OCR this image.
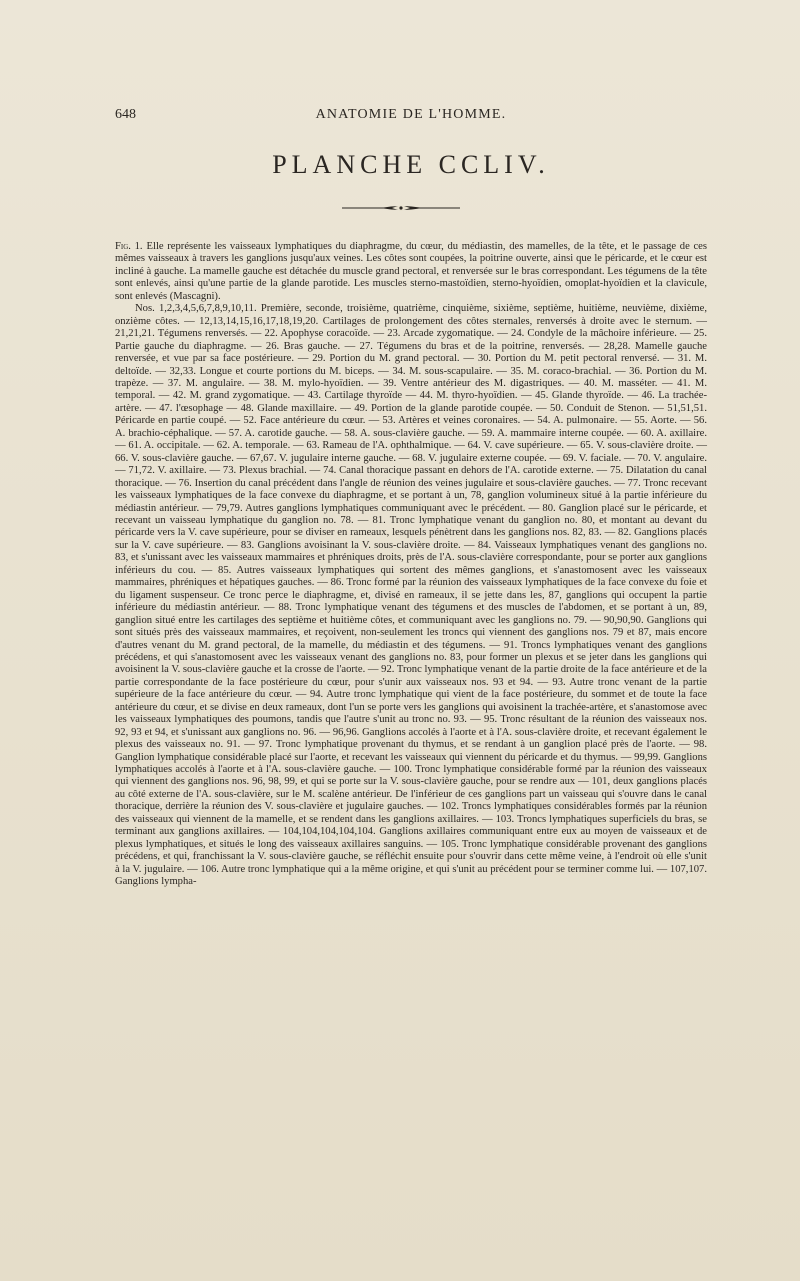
648	ANATOMIE DE L'HOMME.
PLANCHE CCLIV.

Fig. 1. Elle représente les vaisseaux lymphatiques du diaphragme, du cœur, du médiastin, des mamelles, de la tête, et le passage de ces mêmes vaisseaux à travers les ganglions jusqu'aux veines. Les côtes sont coupées, la poitrine ouverte, ainsi que le péricarde, et le cœur est incliné à gauche. La mamelle gauche est détachée du muscle grand pectoral, et renversée sur le bras correspondant. Les tégumens de la tête sont enlevés, ainsi qu'une partie de la glande parotide. Les muscles sterno-mastoïdien, sterno-hyoïdien, omoplat-hyoïdien et la clavicule, sont enlevés (Mascagni).

Nos. 1,2,3,4,5,6,7,8,9,10,11. Première, seconde, troisième, quatrième, cinquième, sixième, septième, huitième, neuvième, dixième, onzième côtes. — 12,13,14,15,16,17,18,19,20. Cartilages de prolongement des côtes sternales, renversés à droite avec le sternum. — 21,21,21. Tégumens renversés. — 22. Apophyse coracoïde. — 23. Arcade zygomatique. — 24. Condyle de la mâchoire inférieure. — 25. Partie gauche du diaphragme. — 26. Bras gauche. — 27. Tégumens du bras et de la poitrine, renversés. — 28,28. Mamelle gauche renversée, et vue par sa face postérieure. — 29. Portion du M. grand pectoral. — 30. Portion du M. petit pectoral renversé. — 31. M. deltoïde. — 32,33. Longue et courte portions du M. biceps. — 34. M. sous-scapulaire. — 35. M. coraco-brachial. — 36. Portion du M. trapèze. — 37. M. angulaire. — 38. M. mylo-hyoïdien. — 39. Ventre antérieur des M. digastriques. — 40. M. masséter. — 41. M. temporal. — 42. M. grand zygomatique. — 43. Cartilage thyroïde — 44. M. thyro-hyoïdien. — 45. Glande thyroïde. — 46. La trachée-artère. — 47. l'œsophage — 48. Glande maxillaire. — 49. Portion de la glande parotide coupée. — 50. Conduit de Stenon. — 51,51,51. Péricarde en partie coupé. — 52. Face antérieure du cœur. — 53. Artères et veines coronaires. — 54. A. pulmonaire. — 55. Aorte. — 56. A. brachio-céphalique. — 57. A. carotide gauche. — 58. A. sous-clavière gauche. — 59. A. mammaire interne coupée. — 60. A. axillaire. — 61. A. occipitale. — 62. A. temporale. — 63. Rameau de l'A. ophthalmique. — 64. V. cave supérieure. — 65. V. sous-clavière droite. — 66. V. sous-clavière gauche. — 67,67. V. jugulaire interne gauche. — 68. V. jugulaire externe coupée. — 69. V. faciale. — 70. V. angulaire. — 71,72. V. axillaire. — 73. Plexus brachial. — 74. Canal thoracique passant en dehors de l'A. carotide externe. — 75. Dilatation du canal thoracique. — 76. Insertion du canal précédent dans l'angle de réunion des veines jugulaire et sous-clavière gauches. — 77. Tronc recevant les vaisseaux lymphatiques de la face convexe du diaphragme, et se portant à un, 78, ganglion volumineux situé à la partie inférieure du médiastin antérieur. — 79,79. Autres ganglions lymphatiques communiquant avec le précédent. — 80. Ganglion placé sur le péricarde, et recevant un vaisseau lymphatique du ganglion no. 78. — 81. Tronc lymphatique venant du ganglion no. 80, et montant au devant du péricarde vers la V. cave supérieure, pour se diviser en rameaux, lesquels pénètrent dans les ganglions nos. 82, 83. — 82. Ganglions placés sur la V. cave supérieure. — 83. Ganglions avoisinant la V. sous-clavière droite. — 84. Vaisseaux lymphatiques venant des ganglions no. 83, et s'unissant avec les vaisseaux mammaires et phréniques droits, près de l'A. sous-clavière correspondante, pour se porter aux ganglions inférieurs du cou. — 85. Autres vaisseaux lymphatiques qui sortent des mêmes ganglions, et s'anastomosent avec les vaisseaux mammaires, phréniques et hépatiques gauches. — 86. Tronc formé par la réunion des vaisseaux lymphatiques de la face convexe du foie et du ligament suspenseur. Ce tronc perce le diaphragme, et, divisé en rameaux, il se jette dans les, 87, ganglions qui occupent la partie inférieure du médiastin antérieur. — 88. Tronc lymphatique venant des tégumens et des muscles de l'abdomen, et se portant à un, 89, ganglion situé entre les cartilages des septième et huitième côtes, et communiquant avec les ganglions no. 79. — 90,90,90. Ganglions qui sont situés près des vaisseaux mammaires, et reçoivent, non-seulement les troncs qui viennent des ganglions nos. 79 et 87, mais encore d'autres venant du M. grand pectoral, de la mamelle, du médiastin et des tégumens. — 91. Troncs lymphatiques venant des ganglions précédens, et qui s'anastomosent avec les vaisseaux venant des ganglions no. 83, pour former un plexus et se jeter dans les ganglions qui avoisinent la V. sous-clavière gauche et la crosse de l'aorte. — 92. Tronc lymphatique venant de la partie droite de la face antérieure et de la partie correspondante de la face postérieure du cœur, pour s'unir aux vaisseaux nos. 93 et 94. — 93. Autre tronc venant de la partie supérieure de la face antérieure du cœur. — 94. Autre tronc lymphatique qui vient de la face postérieure, du sommet et de toute la face antérieure du cœur, et se divise en deux rameaux, dont l'un se porte vers les ganglions qui avoisinent la trachée-artère, et s'anastomose avec les vaisseaux lymphatiques des poumons, tandis que l'autre s'unit au tronc no. 93. — 95. Tronc résultant de la réunion des vaisseaux nos. 92, 93 et 94, et s'unissant aux ganglions no. 96. — 96,96. Ganglions accolés à l'aorte et à l'A. sous-clavière droite, et recevant également le plexus des vaisseaux no. 91. — 97. Tronc lymphatique provenant du thymus, et se rendant à un ganglion placé près de l'aorte. — 98. Ganglion lymphatique considérable placé sur l'aorte, et recevant les vaisseaux qui viennent du péricarde et du thymus. — 99,99. Ganglions lymphatiques accolés à l'aorte et à l'A. sous-clavière gauche. — 100. Tronc lymphatique considérable formé par la réunion des vaisseaux qui viennent des ganglions nos. 96, 98, 99, et qui se porte sur la V. sous-clavière gauche, pour se rendre aux — 101, deux ganglions placés au côté externe de l'A. sous-clavière, sur le M. scalène antérieur. De l'inférieur de ces ganglions part un vaisseau qui s'ouvre dans le canal thoracique, derrière la réunion des V. sous-clavière et jugulaire gauches. — 102. Troncs lymphatiques considérables formés par la réunion des vaisseaux qui viennent de la mamelle, et se rendent dans les ganglions axillaires. — 103. Troncs lymphatiques superficiels du bras, se terminant aux ganglions axillaires. — 104,104,104,104,104. Ganglions axillaires communiquant entre eux au moyen de vaisseaux et de plexus lymphatiques, et situés le long des vaisseaux axillaires sanguins. — 105. Tronc lymphatique considérable provenant des ganglions précédens, et qui, franchissant la V. sous-clavière gauche, se réfléchit ensuite pour s'ouvrir dans cette même veine, à l'endroit où elle s'unit à la V. jugulaire. — 106. Autre tronc lymphatique qui a la même origine, et qui s'unit au précédent pour se terminer comme lui. — 107,107. Ganglions lympha-
